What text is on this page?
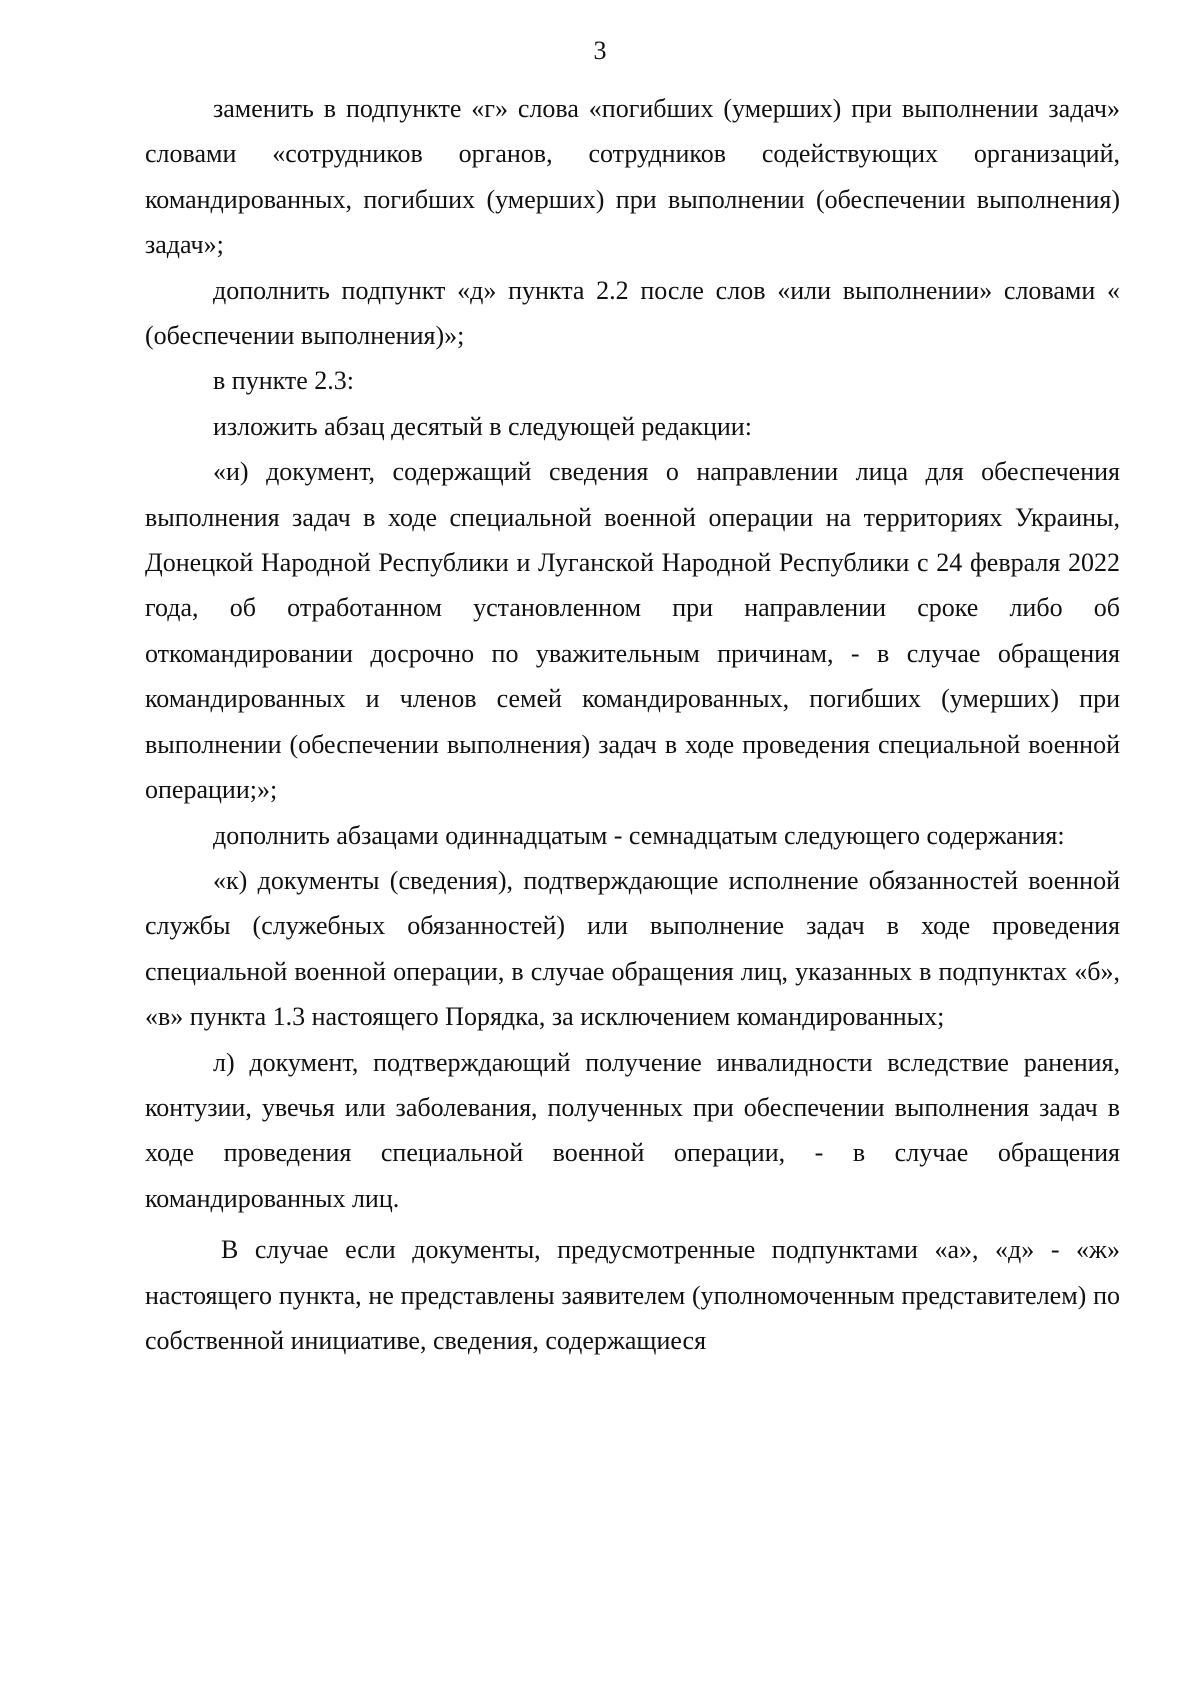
3

заменить в подпункте «г» слова «погибших (умерших) при выполнении задач» словами «сотрудников органов, сотрудников содействующих организаций, командированных, погибших (умерших) при выполнении (обеспечении выполнения) задач»;

дополнить подпункт «д» пункта 2.2 после слов «или выполнении» словами « (обеспечении выполнения)»;

в пункте 2.3:

изложить абзац десятый в следующей редакции:

«и) документ, содержащий сведения о направлении лица для обеспечения выполнения задач в ходе специальной военной операции на территориях Украины, Донецкой Народной Республики и Луганской Народной Республики с 24 февраля 2022 года, об отработанном установленном при направлении сроке либо об откомандировании досрочно по уважительным причинам, - в случае обращения командированных и членов семей командированных, погибших (умерших) при выполнении (обеспечении выполнения) задач в ходе проведения специальной военной операции;»;

дополнить абзацами одиннадцатым - семнадцатым следующего содержания:

«к) документы (сведения), подтверждающие исполнение обязанностей военной службы (служебных обязанностей) или выполнение задач в ходе проведения специальной военной операции, в случае обращения лиц, указанных в подпунктах «б», «в» пункта 1.3 настоящего Порядка, за исключением командированных;

л) документ, подтверждающий получение инвалидности вследствие ранения, контузии, увечья или заболевания, полученных при обеспечении выполнения задач в ходе проведения специальной военной операции, - в случае обращения командированных лиц.

В случае если документы, предусмотренные подпунктами «а», «д» - «ж» настоящего пункта, не представлены заявителем (уполномоченным представителем) по собственной инициативе, сведения, содержащиеся
